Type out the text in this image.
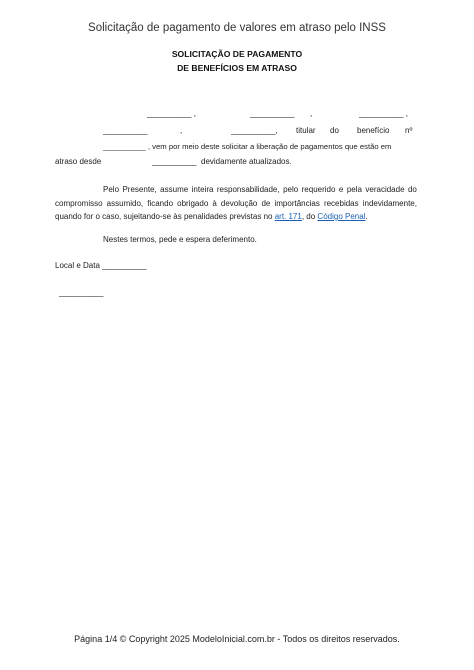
Solicitação de pagamento de valores em atraso pelo INSS
SOLICITAÇÃO DE PAGAMENTO
DE BENEFÍCIOS EM ATRASO
__________ ,	__________ ,	__________ ,
__________	,	__________, titular do benefício nº
__________ , vem por meio deste solicitar a liberação de pagamentos que estão em
atraso desde	__________ devidamente atualizados.
Pelo Presente, assume inteira responsabilidade, pelo requerido e pela veracidade do
compromisso assumido, ficando obrigado à devolução de importâncias recebidas indevidamente,
quando for o caso, sujeitando-se às penalidades previstas no art. 171 , do Código Penal .
Nestes termos, pede e espera deferimento.
Local e Data __________
__________
Página 1/4 © Copyright 2025 ModeloInicial.com.br - Todos os direitos reservados.
